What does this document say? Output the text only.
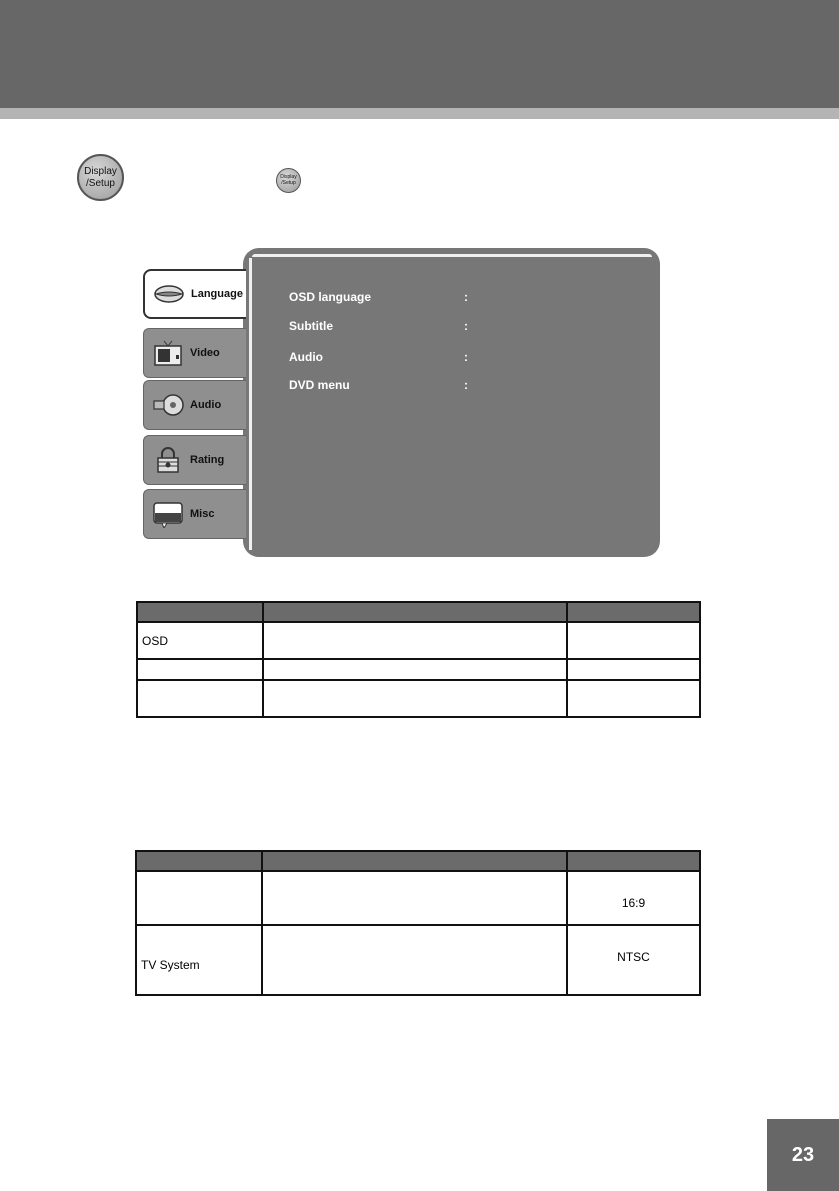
Display
/Setup
Display
/Setup
Language
Video
Audio
Rating
Misc
OSD language	:
Subtitle	:
Audio	:
DVD menu	:

OSD		

		16:9
TV System		NTSC
23
